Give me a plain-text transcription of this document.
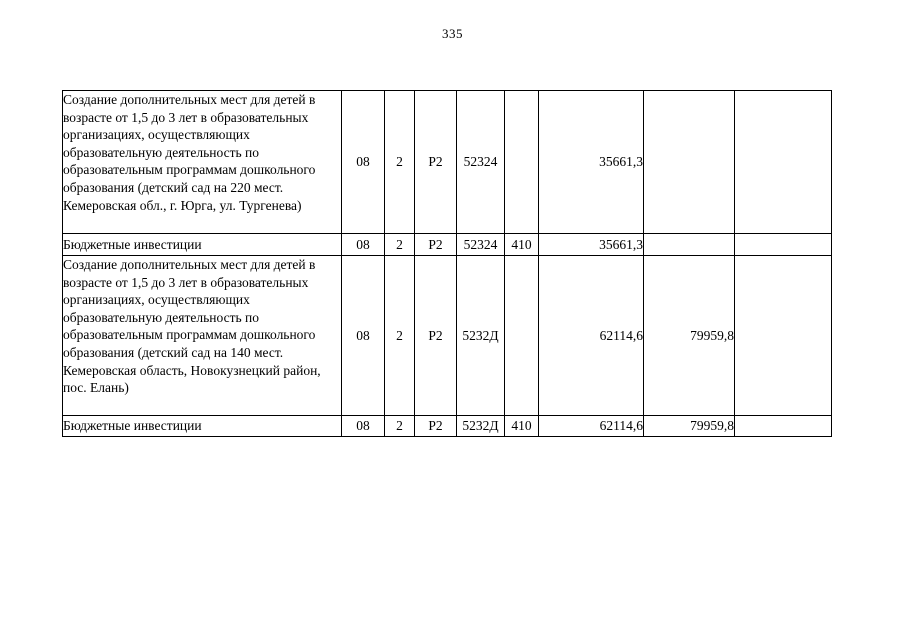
335
Создание дополнительных мест для детей в возрасте от 1,5 до 3 лет в образовательных организациях, осуществляющих образовательную деятельность по образовательным программам дошкольного образования (детский сад на 220 мест. Кемеровская обл., г. Юрга, ул. Тургенева)	08	2	Р2	52324		35661,3		
Бюджетные инвестиции	08	2	Р2	52324	410	35661,3		
Создание дополнительных мест для детей в возрасте от 1,5 до 3 лет в образовательных организациях, осуществляющих образовательную деятельность по образовательным программам дошкольного образования (детский сад на 140 мест. Кемеровская область, Новокузнецкий район, пос. Елань)	08	2	Р2	5232Д		62114,6	79959,8	
Бюджетные инвестиции	08	2	Р2	5232Д	410	62114,6	79959,8	
